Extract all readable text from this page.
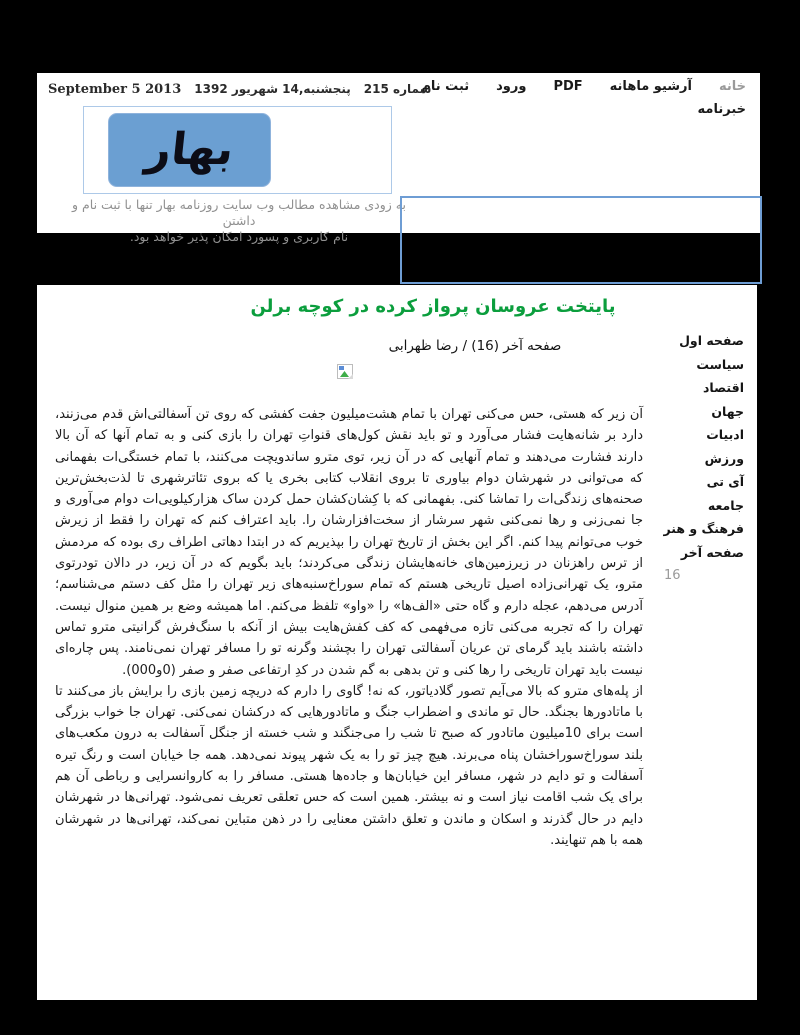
خانه
آرشیو ماهانه
PDF
ورود
ثبت نام
خبرنامه
September 5 2013 پنجشنبه,14 شهریور 1392 شماره 215
بهار
به زودی مشاهده مطالب وب سایت روزنامه بهار تنها با ثبت نام و داشتن
نام کاربری و پسورد امکان پذیر خواهد بود.
پایتخت عروسان پرواز کرده در کوچه برلن
صفحه آخر (16) / رضا ظهرابی

آن زیر که هستی، حس می‌کنی تهران با تمام هشت‌میلیون جفت کفشی که روی تن آسفالتی‌اش قدم می‌زنند، دارد بر شانه‌هایت فشار می‌آورد و تو باید نقش کول‌های قنواتِ تهران را بازی کنی و به تمام آنها که آن بالا دارند فشارت می‌دهند و تمام آنهایی که در آن زیر، توی مترو ساندویچت می‌کنند، با تمام خستگی‌ات بفهمانی که می‌توانی در شهرشان دوام بیاوری تا بروی انقلاب کتابی بخری یا که بروی تئاترشهری تا لذت‌بخش‌ترین صحنه‌های زندگی‌ات را تماشا کنی. بفهمانی که با کِشان‌کشان حمل کردن ساک هزارکیلویی‌ات دوام می‌آوری و جا نمی‌زنی و رها نمی‌کنی شهر سرشار از سخت‌افزارشان را. باید اعتراف کنم که تهران را فقط از زیرش خوب می‌توانم پیدا کنم. اگر این بخش از تاریخ تهران را بپذیریم که در ابتدا دهاتی اطراف ری بوده که مردمش از ترس راهزنان در زیرزمین‌های خانه‌هایشان زندگی می‌کردند؛ باید بگویم که در آن زیر، در دالان تودرتوی مترو، یک تهرانی‌زاده اصیل تاریخی هستم که تمام سوراخ‌سنبه‌های زیر تهران را مثل کف دستم می‌شناسم؛ آدرس می‌دهم، عجله دارم و گاه حتی «الف‌ها» را «واو» تلفظ می‌کنم. اما همیشه وضع بر همین منوال نیست. تهران را که تجربه می‌کنی تازه می‌فهمی که کف کفش‌هایت بیش از آنکه با سنگ‌فرش گرانیتی مترو تماس داشته باشند باید گرمای تن عریان آسفالتی تهران را بچشند وگرنه تو را مسافر تهران نمی‌نامند. پس چاره‌ای نیست باید تهران تاریخی را رها کنی و تن بدهی به گم شدن در کدِ ارتفاعی صفر و صفر (0و000).

از پله‌های مترو که بالا می‌آیم تصور گلادیاتور، که نه! گاوی را دارم که دریچه زمین بازی را برایش باز می‌کنند تا با ماتادورها بجنگد. حال تو ماندی و اضطراب جنگ و ماتادورهایی که درکشان نمی‌کنی. تهران جا خواب بزرگی است برای 10میلیون ماتادور که صبح تا شب را می‌جنگند و شب خسته از جنگل آسفالت به درون مکعب‌های بلند سوراخ‌سوراخشان پناه می‌برند. هیچ چیز تو را به یک شهر پیوند نمی‌دهد. همه جا خیابان است و رنگ تیره آسفالت و تو دایم در شهر، مسافر این خیابان‌ها و جاده‌ها هستی. مسافر را به کاروانسرایی و رباطی آن هم برای یک شب اقامت نیاز است و نه بیشتر. همین است که حس تعلقی تعریف نمی‌شود. تهرانی‌ها در شهرشان دایم در حال گذرند و اسکان و ماندن و تعلق داشتن معنایی را در ذهن متباین نمی‌کند، تهرانی‌ها در شهرشان همه با هم تنهایند.

صفحه اول
سیاست
اقتصاد
جهان
ادبیات
ورزش
آی تی
جامعه
فرهنگ و هنر
صفحه آخر
16
